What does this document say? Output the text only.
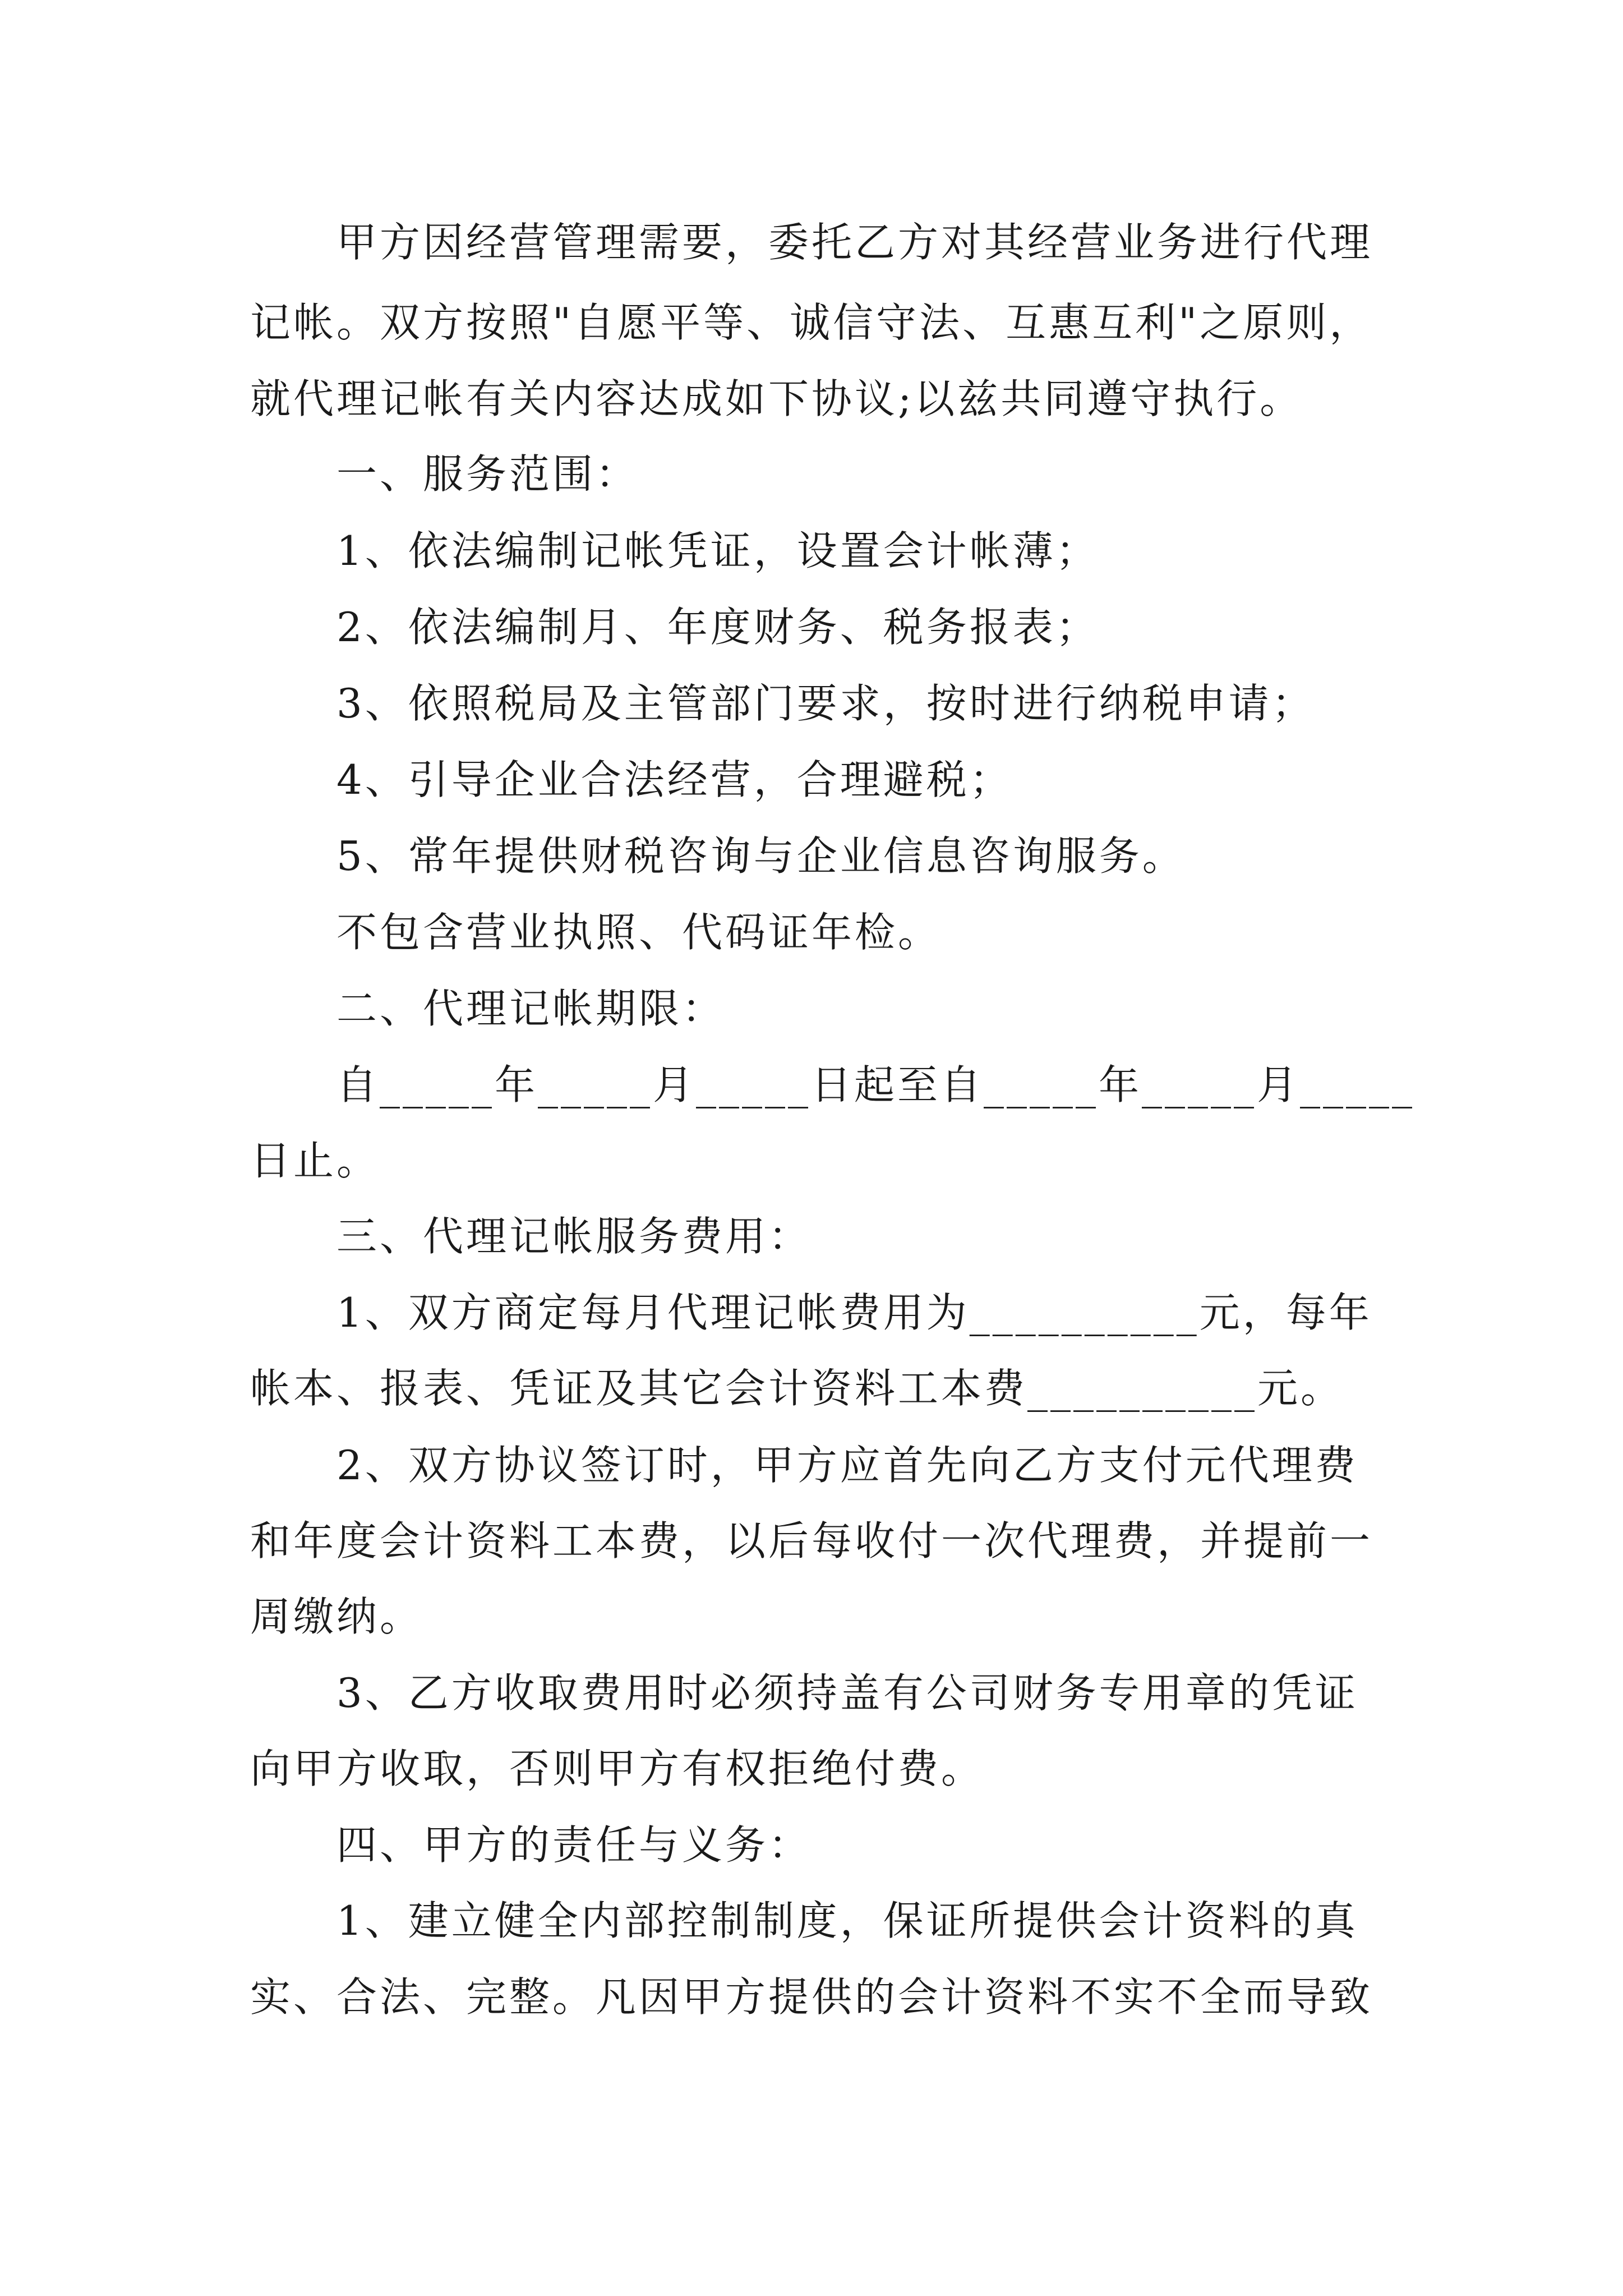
甲方因经营管理需要，委托乙方对其经营业务进行代理
记帐。双方按照"自愿平等、诚信守法、互惠互利"之原则，
就代理记帐有关内容达成如下协议;以兹共同遵守执行。
一、服务范围：
1、依法编制记帐凭证，设置会计帐薄；
2、依法编制月、年度财务、税务报表；
3、依照税局及主管部门要求，按时进行纳税申请；
4、引导企业合法经营，合理避税；
5、常年提供财税咨询与企业信息咨询服务。
不包含营业执照、代码证年检。
二、代理记帐期限：
自_____年_____月_____日起至自_____年_____月_____
日止。
三、代理记帐服务费用：
1、双方商定每月代理记帐费用为__________元，每年
帐本、报表、凭证及其它会计资料工本费__________元。
2、双方协议签订时，甲方应首先向乙方支付元代理费
和年度会计资料工本费，以后每收付一次代理费，并提前一
周缴纳。
3、乙方收取费用时必须持盖有公司财务专用章的凭证
向甲方收取，否则甲方有权拒绝付费。
四、甲方的责任与义务：
1、建立健全内部控制制度，保证所提供会计资料的真
实、合法、完整。凡因甲方提供的会计资料不实不全而导致
